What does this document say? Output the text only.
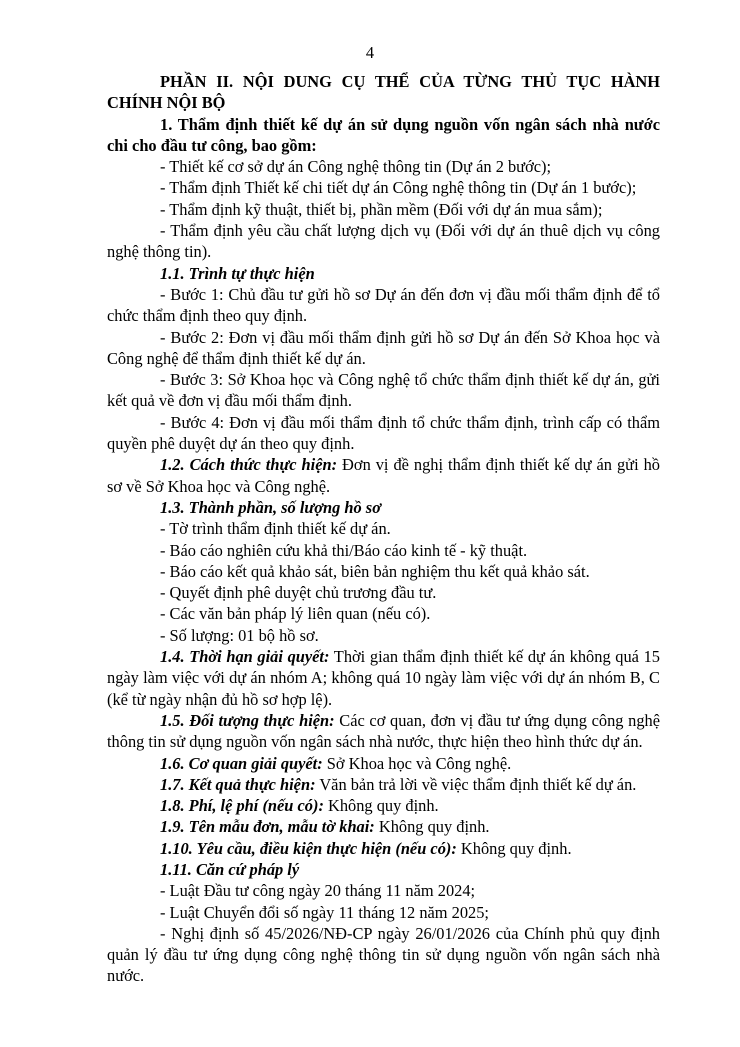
4

PHẦN II. NỘI DUNG CỤ THỂ CỦA TỪNG THỦ TỤC HÀNH CHÍNH NỘI BỘ

1. Thẩm định thiết kế dự án sử dụng nguồn vốn ngân sách nhà nước chi cho đầu tư công, bao gồm:

- Thiết kế cơ sở dự án Công nghệ thông tin (Dự án 2 bước);

- Thẩm định Thiết kế chi tiết dự án Công nghệ thông tin (Dự án 1 bước);

- Thẩm định kỹ thuật, thiết bị, phần mềm (Đối với dự án mua sắm);

- Thẩm định yêu cầu chất lượng dịch vụ (Đối với dự án thuê dịch vụ công nghệ thông tin).

1.1. Trình tự thực hiện

- Bước 1: Chủ đầu tư gửi hồ sơ Dự án đến đơn vị đầu mối thẩm định để tổ chức thẩm định theo quy định.

- Bước 2: Đơn vị đầu mối thẩm định gửi hồ sơ Dự án đến Sở Khoa học và Công nghệ để thẩm định thiết kế dự án.

- Bước 3: Sở Khoa học và Công nghệ tổ chức thẩm định thiết kế dự án, gửi kết quả về đơn vị đầu mối thẩm định.

- Bước 4: Đơn vị đầu mối thẩm định tổ chức thẩm định, trình cấp có thẩm quyền phê duyệt dự án theo quy định.

1.2. Cách thức thực hiện: Đơn vị đề nghị thẩm định thiết kế dự án gửi hồ sơ về Sở Khoa học và Công nghệ.

1.3. Thành phần, số lượng hồ sơ

- Tờ trình thẩm định thiết kế dự án.

- Báo cáo nghiên cứu khả thi/Báo cáo kinh tế - kỹ thuật.

- Báo cáo kết quả khảo sát, biên bản nghiệm thu kết quả khảo sát.

- Quyết định phê duyệt chủ trương đầu tư.

- Các văn bản pháp lý liên quan (nếu có).

- Số lượng: 01 bộ hồ sơ.

1.4. Thời hạn giải quyết: Thời gian thẩm định thiết kế dự án không quá 15 ngày làm việc với dự án nhóm A; không quá 10 ngày làm việc với dự án nhóm B, C (kể từ ngày nhận đủ hồ sơ hợp lệ).

1.5. Đối tượng thực hiện: Các cơ quan, đơn vị đầu tư ứng dụng công nghệ thông tin sử dụng nguồn vốn ngân sách nhà nước, thực hiện theo hình thức dự án.

1.6. Cơ quan giải quyết: Sở Khoa học và Công nghệ.

1.7. Kết quả thực hiện: Văn bản trả lời về việc thẩm định thiết kế dự án.

1.8. Phí, lệ phí (nếu có): Không quy định.

1.9. Tên mẫu đơn, mẫu tờ khai: Không quy định.

1.10. Yêu cầu, điều kiện thực hiện (nếu có): Không quy định.

1.11. Căn cứ pháp lý

- Luật Đầu tư công ngày 20 tháng 11 năm 2024;

- Luật Chuyển đổi số ngày 11 tháng 12 năm 2025;

- Nghị định số 45/2026/NĐ-CP ngày 26/01/2026 của Chính phủ quy định quản lý đầu tư ứng dụng công nghệ thông tin sử dụng nguồn vốn ngân sách nhà nước.
